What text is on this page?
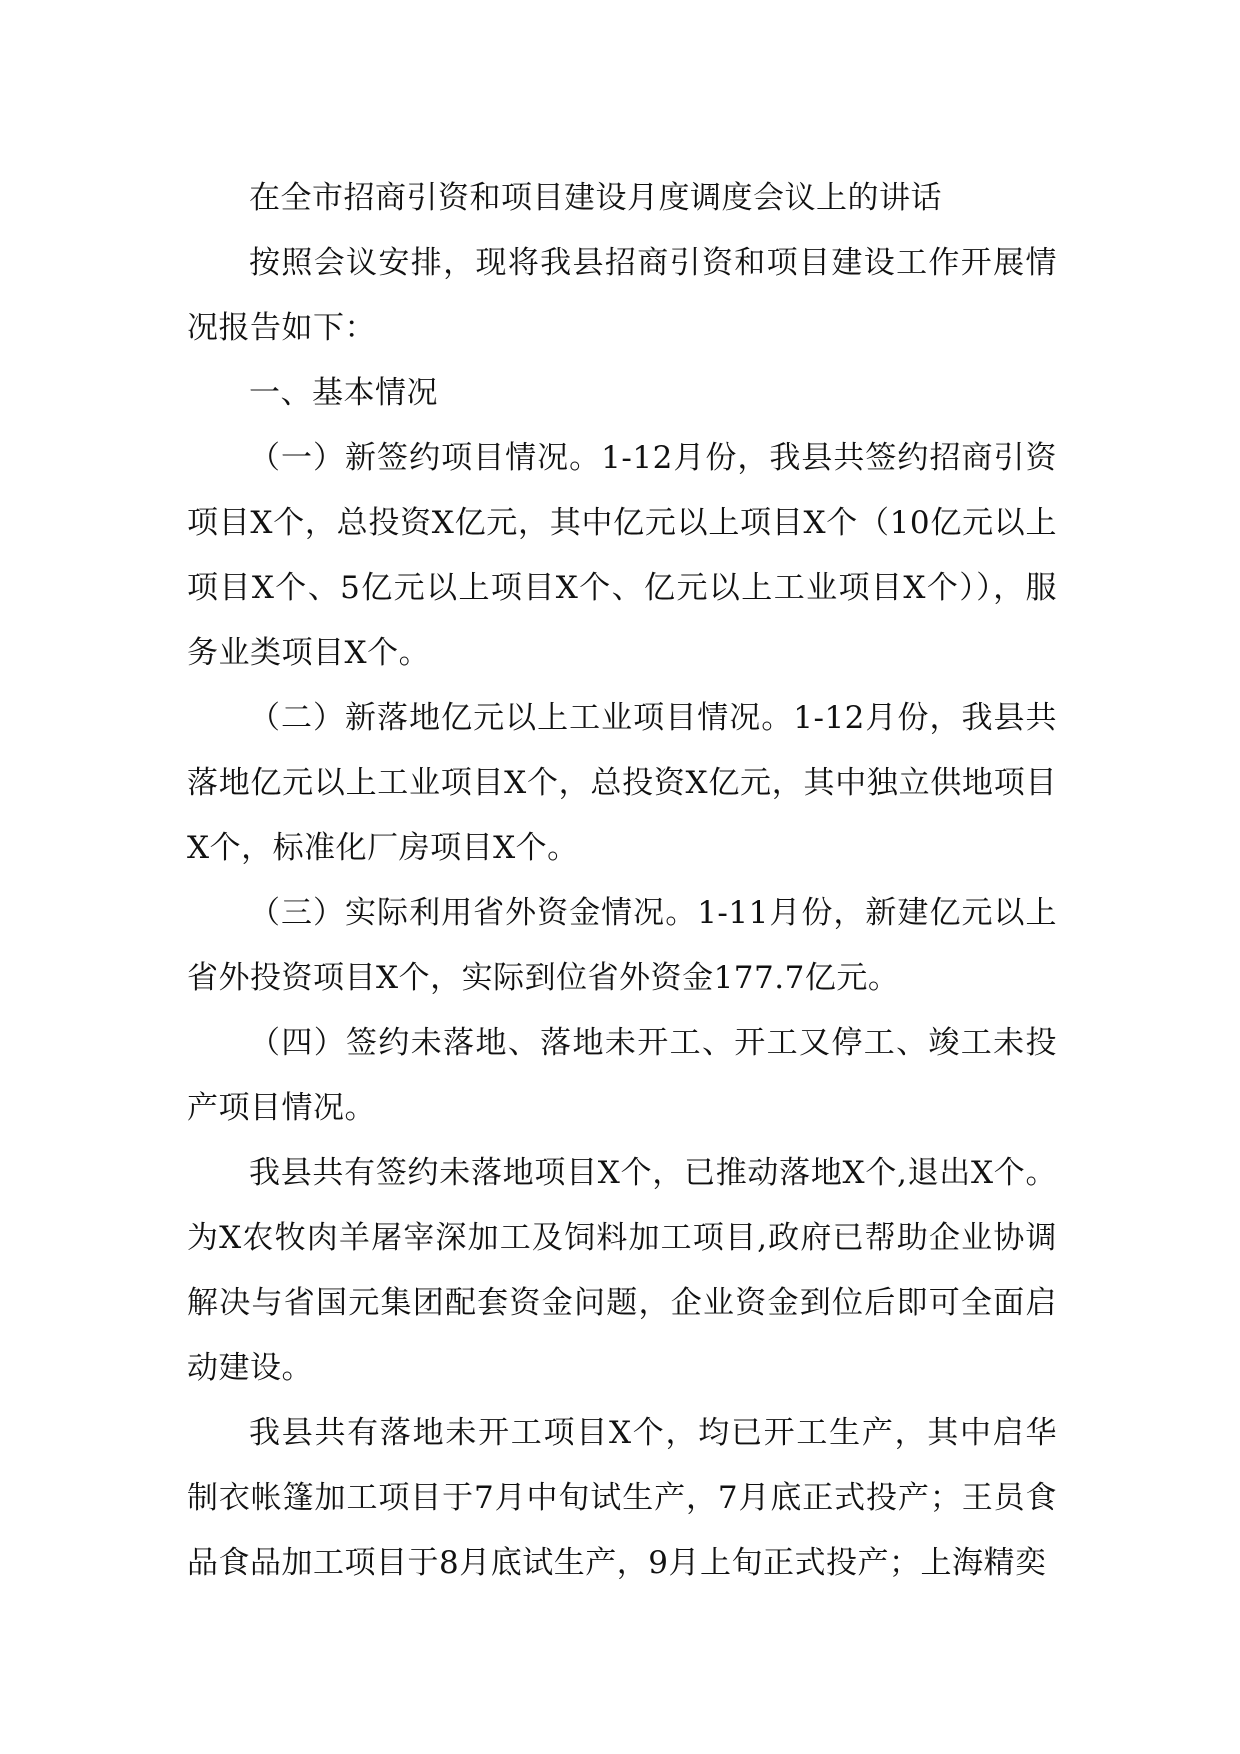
在全市招商引资和项目建设月度调度会议上的讲话

按照会议安排，现将我县招商引资和项目建设工作开展情况报告如下：

一、基本情况

（一）新签约项目情况。1-12月份，我县共签约招商引资项目X个，总投资X亿元，其中亿元以上项目X个（10亿元以上项目X个、5亿元以上项目X个、亿元以上工业项目X个）），服务业类项目X个。

（二）新落地亿元以上工业项目情况。1-12月份，我县共落地亿元以上工业项目X个，总投资X亿元，其中独立供地项目X个，标准化厂房项目X个。

（三）实际利用省外资金情况。1-11月份，新建亿元以上省外投资项目X个，实际到位省外资金177.7亿元。

（四）签约未落地、落地未开工、开工又停工、竣工未投产项目情况。

我县共有签约未落地项目X个，已推动落地X个,退出X个。为X农牧肉羊屠宰深加工及饲料加工项目,政府已帮助企业协调解决与省国元集团配套资金问题，企业资金到位后即可全面启动建设。

我县共有落地未开工项目X个，均已开工生产，其中启华制衣帐篷加工项目于7月中旬试生产，7月底正式投产；王员食品食品加工项目于8月底试生产，9月上旬正式投产；上海精奕
